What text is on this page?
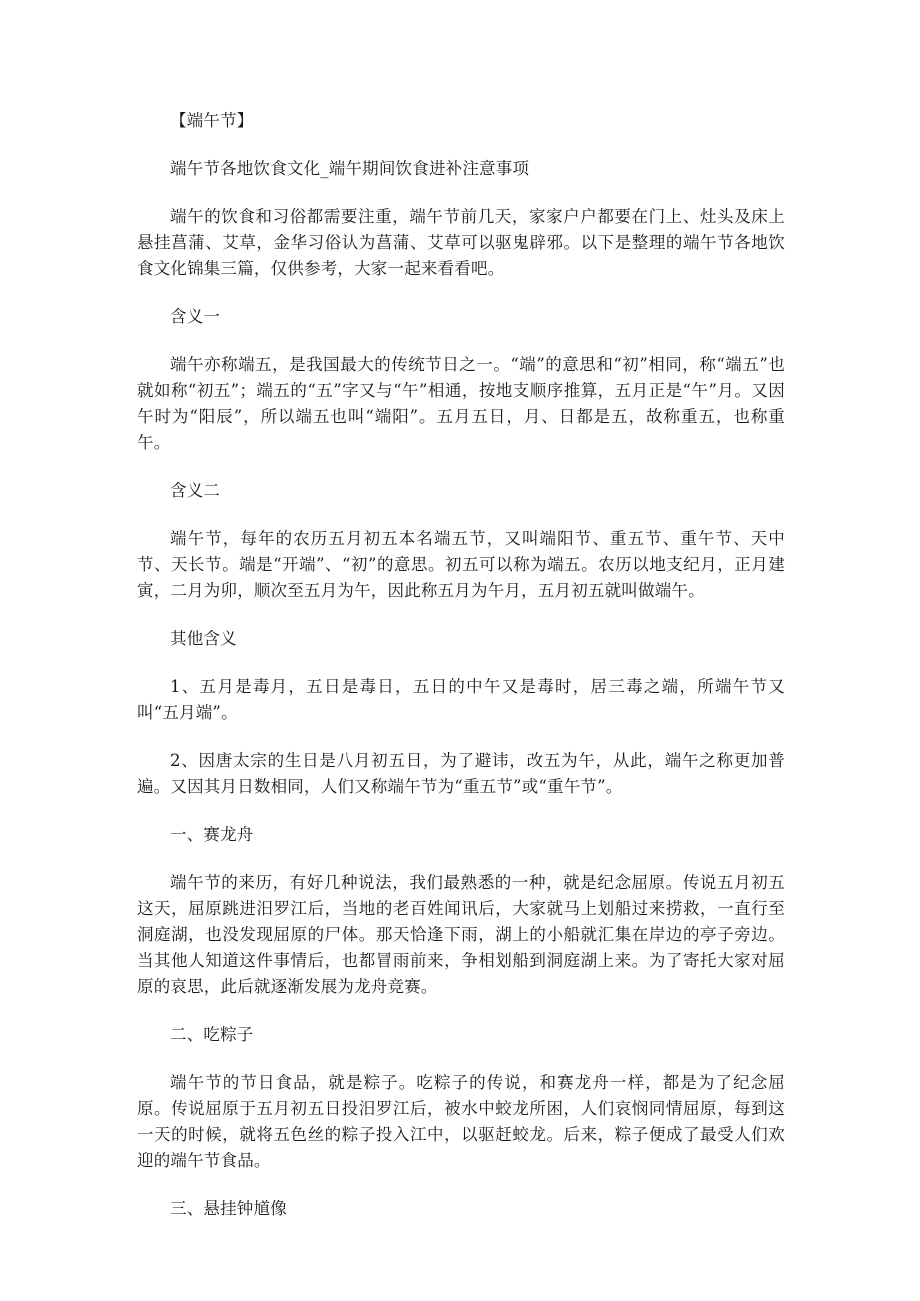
【端午节】
端午节各地饮食文化_端午期间饮食进补注意事项
端午的饮食和习俗都需要注重，端午节前几天，家家户户都要在门上、灶头及床上悬挂菖蒲、艾草，金华习俗认为菖蒲、艾草可以驱鬼辟邪。以下是整理的端午节各地饮食文化锦集三篇，仅供参考，大家一起来看看吧。
含义一
端午亦称端五，是我国最大的传统节日之一。“端”的意思和“初”相同，称“端五”也就如称“初五”；端五的“五”字又与“午”相通，按地支顺序推算，五月正是“午”月。又因午时为“阳辰”，所以端五也叫“端阳”。五月五日，月、日都是五，故称重五，也称重午。
含义二
端午节，每年的农历五月初五本名端五节，又叫端阳节、重五节、重午节、天中节、天长节。端是“开端”、“初”的意思。初五可以称为端五。农历以地支纪月，正月建寅，二月为卯，顺次至五月为午，因此称五月为午月，五月初五就叫做端午。
其他含义
1、五月是毒月，五日是毒日，五日的中午又是毒时，居三毒之端，所端午节又叫“五月端”。
2、因唐太宗的生日是八月初五日，为了避讳，改五为午，从此，端午之称更加普遍。又因其月日数相同，人们又称端午节为“重五节”或“重午节”。
一、赛龙舟
端午节的来历，有好几种说法，我们最熟悉的一种，就是纪念屈原。传说五月初五这天，屈原跳进汨罗江后，当地的老百姓闻讯后，大家就马上划船过来捞救，一直行至洞庭湖，也没发现屈原的尸体。那天恰逢下雨，湖上的小船就汇集在岸边的亭子旁边。当其他人知道这件事情后，也都冒雨前来，争相划船到洞庭湖上来。为了寄托大家对屈原的哀思，此后就逐渐发展为龙舟竞赛。
二、吃粽子
端午节的节日食品，就是粽子。吃粽子的传说，和赛龙舟一样，都是为了纪念屈原。传说屈原于五月初五日投汨罗江后，被水中蛟龙所困，人们哀悯同情屈原，每到这一天的时候，就将五色丝的粽子投入江中，以驱赶蛟龙。后来，粽子便成了最受人们欢迎的端午节食品。
三、悬挂钟馗像
